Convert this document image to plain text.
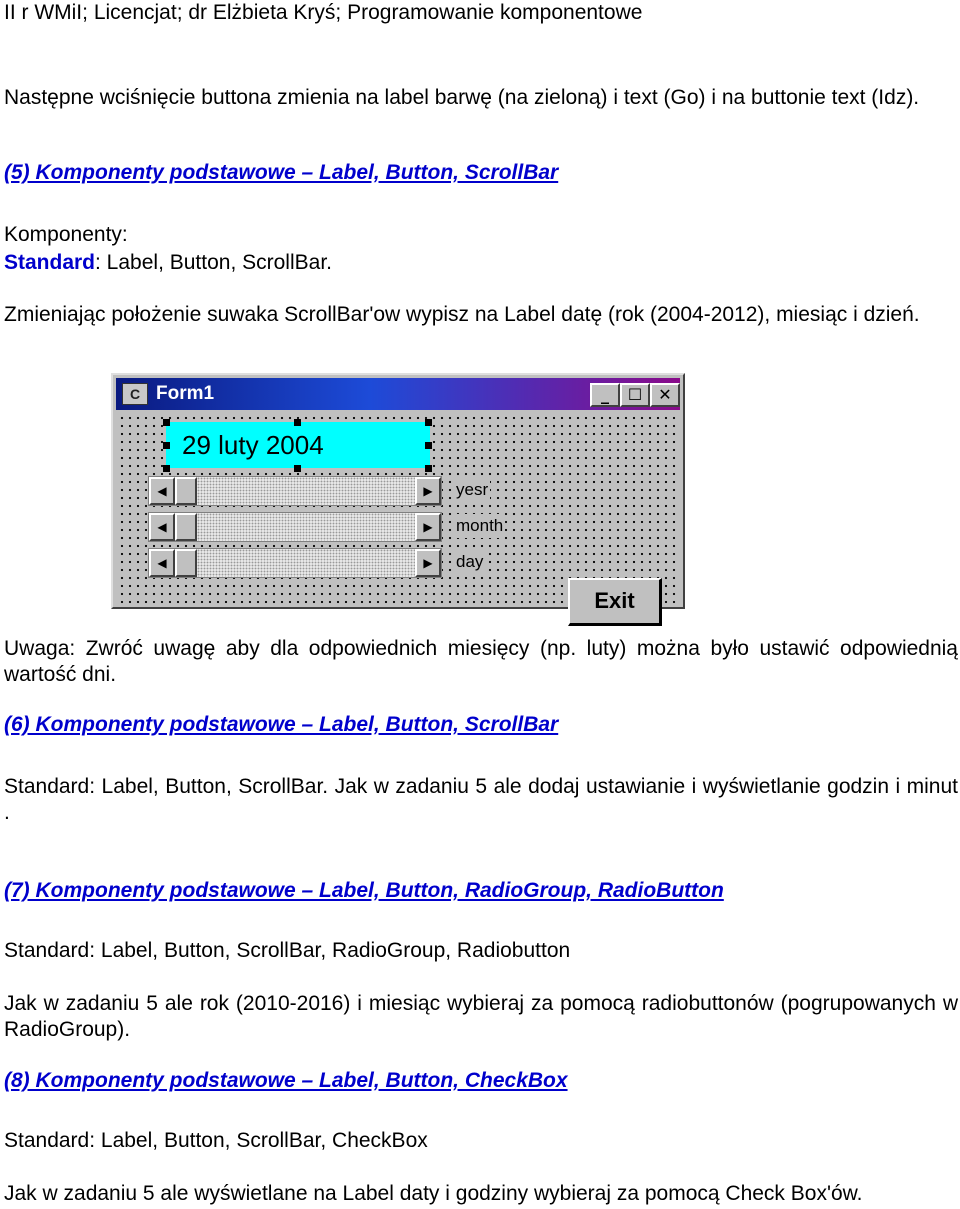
II r WMiI; Licencjat; dr Elżbieta Kryś; Programowanie komponentowe

Następne wciśnięcie buttona zmienia na label barwę (na zieloną) i text (Go) i na buttonie text (Idz).

(5) Komponenty podstawowe – Label, Button, ScrollBar

Komponenty:

Standard: Label, Button, ScrollBar.

Zmieniając położenie suwaka ScrollBar'ow wypisz na Label datę (rok (2004-2012), miesiąc i dzień.

C Form1	_	☐	✕
29 luty 2004
◀	▶	yesr
◀	▶	month
◀	▶	day
Exit

Uwaga: Zwróć uwagę aby dla odpowiednich miesięcy (np. luty) można było ustawić odpowiednią wartość dni.

(6) Komponenty podstawowe – Label, Button, ScrollBar

Standard: Label, Button, ScrollBar. Jak w zadaniu 5 ale dodaj ustawianie i wyświetlanie godzin i minut .

(7) Komponenty podstawowe – Label, Button, RadioGroup, RadioButton

Standard: Label, Button, ScrollBar, RadioGroup, Radiobutton

Jak w zadaniu 5 ale rok (2010-2016) i miesiąc wybieraj za pomocą radiobuttonów (pogrupowanych w RadioGroup).

(8) Komponenty podstawowe – Label, Button, CheckBox

Standard: Label, Button, ScrollBar, CheckBox

Jak w zadaniu 5 ale wyświetlane na Label daty i godziny wybieraj za pomocą Check Box'ów.
